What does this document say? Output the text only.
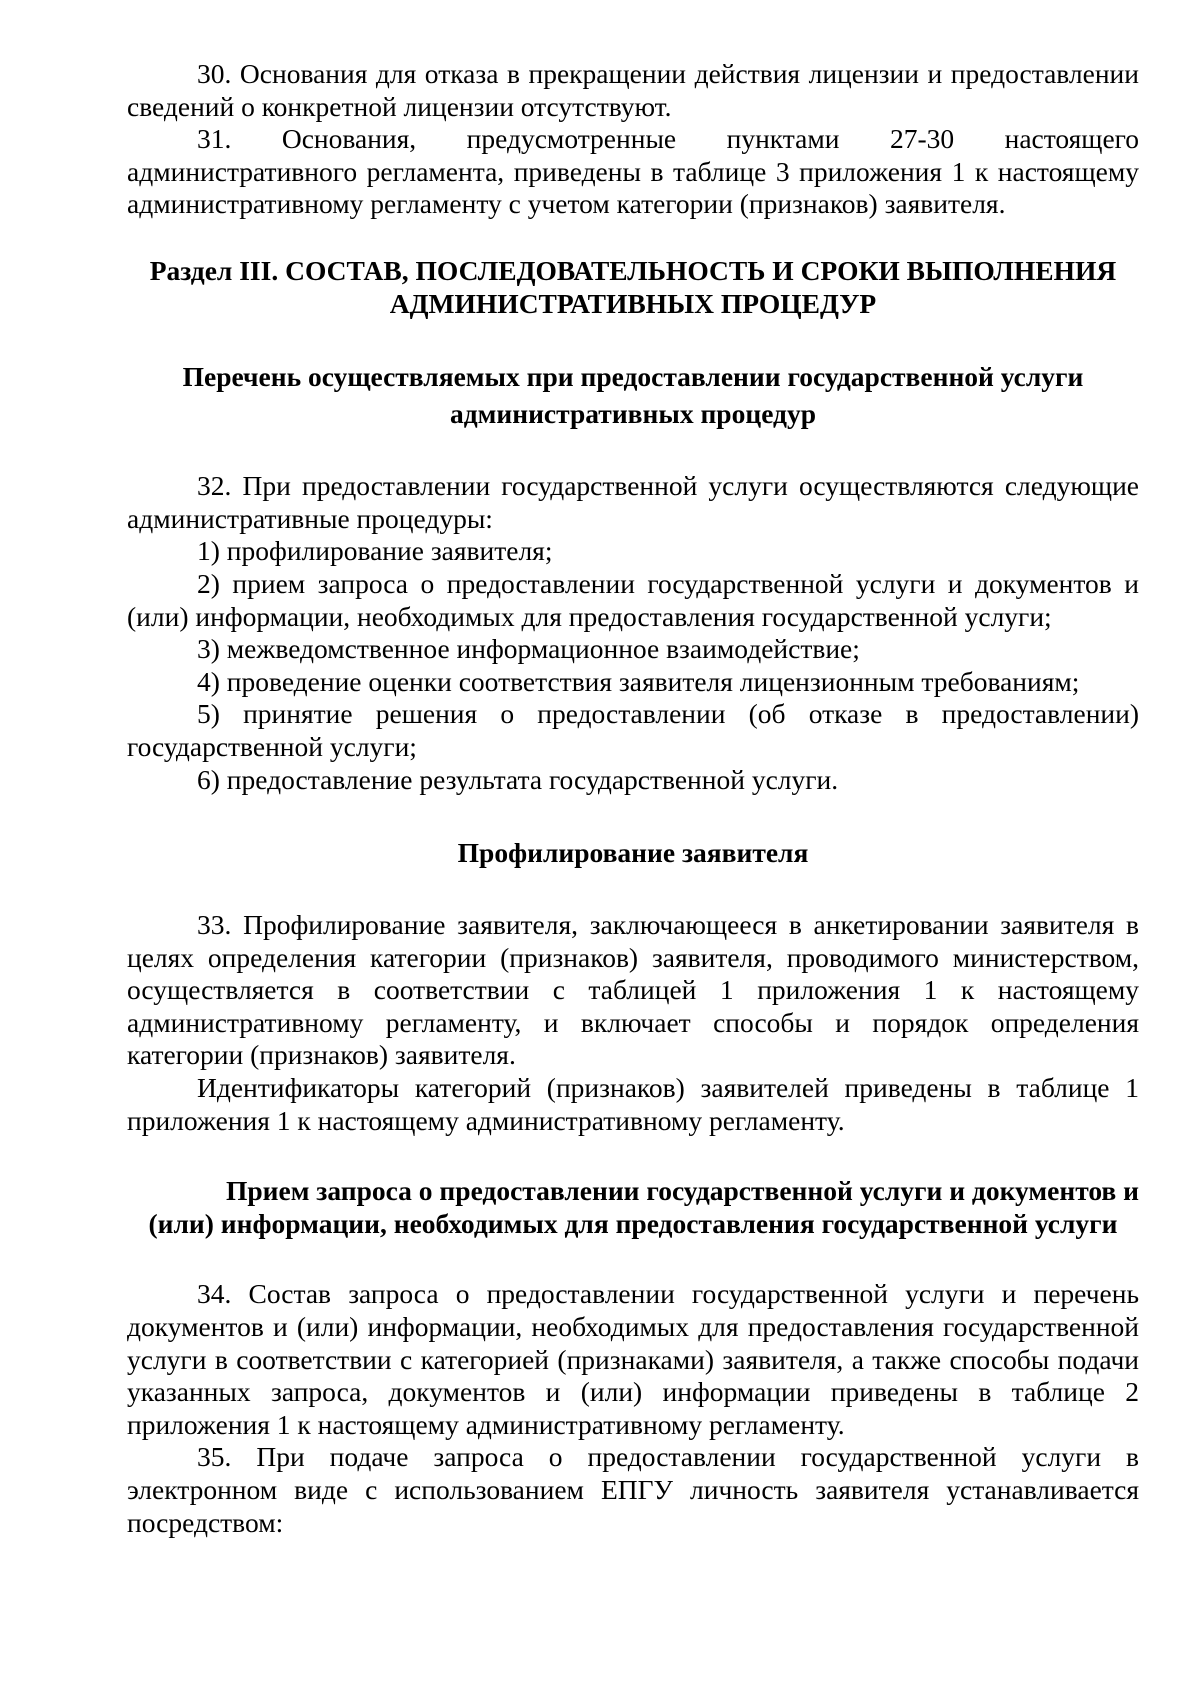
30. Основания для отказа в прекращении действия лицензии и предоставлении сведений о конкретной лицензии отсутствуют.

31. Основания, предусмотренные пунктами 27-30 настоящего административного регламента, приведены в таблице 3 приложения 1 к настоящему административному регламенту с учетом категории (признаков) заявителя.

Раздел III. СОСТАВ, ПОСЛЕДОВАТЕЛЬНОСТЬ И СРОКИ ВЫПОЛНЕНИЯ АДМИНИСТРАТИВНЫХ ПРОЦЕДУР
Перечень осуществляемых при предоставлении государственной услуги административных процедур

32. При предоставлении государственной услуги осуществляются следующие административные процедуры:

1) профилирование заявителя;

2) прием запроса о предоставлении государственной услуги и документов и (или) информации, необходимых для предоставления государственной услуги;

3) межведомственное информационное взаимодействие;

4) проведение оценки соответствия заявителя лицензионным требованиям;

5) принятие решения о предоставлении (об отказе в предоставлении) государственной услуги;

6) предоставление результата государственной услуги.

Профилирование заявителя

33. Профилирование заявителя, заключающееся в анкетировании заявителя в целях определения категории (признаков) заявителя, проводимого министерством, осуществляется в соответствии с таблицей 1 приложения 1 к настоящему административному регламенту, и включает способы и порядок определения категории (признаков) заявителя.

Идентификаторы категорий (признаков) заявителей приведены в таблице 1 приложения 1 к настоящему административному регламенту.

Прием запроса о предоставлении государственной услуги и документов и
(или) информации, необходимых для предоставления государственной услуги

34. Состав запроса о предоставлении государственной услуги и перечень документов и (или) информации, необходимых для предоставления государственной услуги в соответствии с категорией (признаками) заявителя, а также способы подачи указанных запроса, документов и (или) информации приведены в таблице 2 приложения 1 к настоящему административному регламенту.

35. При подаче запроса о предоставлении государственной услуги в электронном виде с использованием ЕПГУ личность заявителя устанавливается посредством:
